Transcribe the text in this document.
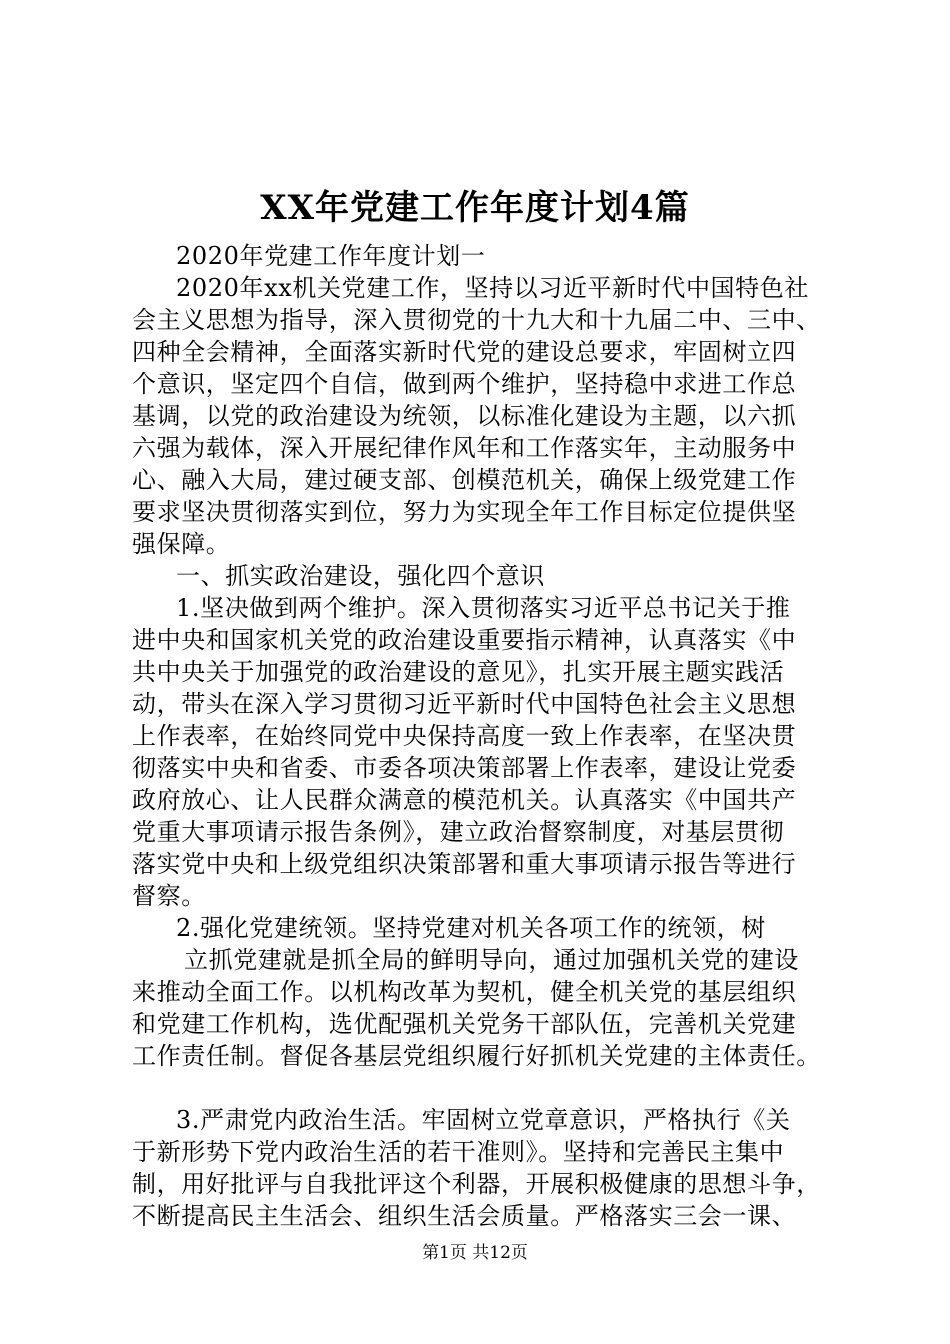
XX年党建工作年度计划4篇
2020年党建工作年度计划一
2020年xx机关党建工作，坚持以习近平新时代中国特色社
会主义思想为指导，深入贯彻党的十九大和十九届二中、三中、
四种全会精神，全面落实新时代党的建设总要求，牢固树立四
个意识，坚定四个自信，做到两个维护，坚持稳中求进工作总
基调，以党的政治建设为统领，以标准化建设为主题，以六抓
六强为载体，深入开展纪律作风年和工作落实年，主动服务中
心、融入大局，建过硬支部、创模范机关，确保上级党建工作
要求坚决贯彻落实到位，努力为实现全年工作目标定位提供坚
强保障。
一、抓实政治建设，强化四个意识
1.坚决做到两个维护。深入贯彻落实习近平总书记关于推
进中央和国家机关党的政治建设重要指示精神，认真落实《中
共中央关于加强党的政治建设的意见》，扎实开展主题实践活
动，带头在深入学习贯彻习近平新时代中国特色社会主义思想
上作表率，在始终同党中央保持高度一致上作表率，在坚决贯
彻落实中央和省委、市委各项决策部署上作表率，建设让党委
政府放心、让人民群众满意的模范机关。认真落实《中国共产
党重大事项请示报告条例》，建立政治督察制度，对基层贯彻
落实党中央和上级党组织决策部署和重大事项请示报告等进行
督察。
2.强化党建统领。坚持党建对机关各项工作的统领，树
立抓党建就是抓全局的鲜明导向，通过加强机关党的建设
来推动全面工作。以机构改革为契机，健全机关党的基层组织
和党建工作机构，选优配强机关党务干部队伍，完善机关党建
工作责任制。督促各基层党组织履行好抓机关党建的主体责任。
3.严肃党内政治生活。牢固树立党章意识，严格执行《关
于新形势下党内政治生活的若干准则》。坚持和完善民主集中
制，用好批评与自我批评这个利器，开展积极健康的思想斗争，
不断提高民主生活会、组织生活会质量。严格落实三会一课、
第1页 共12页
